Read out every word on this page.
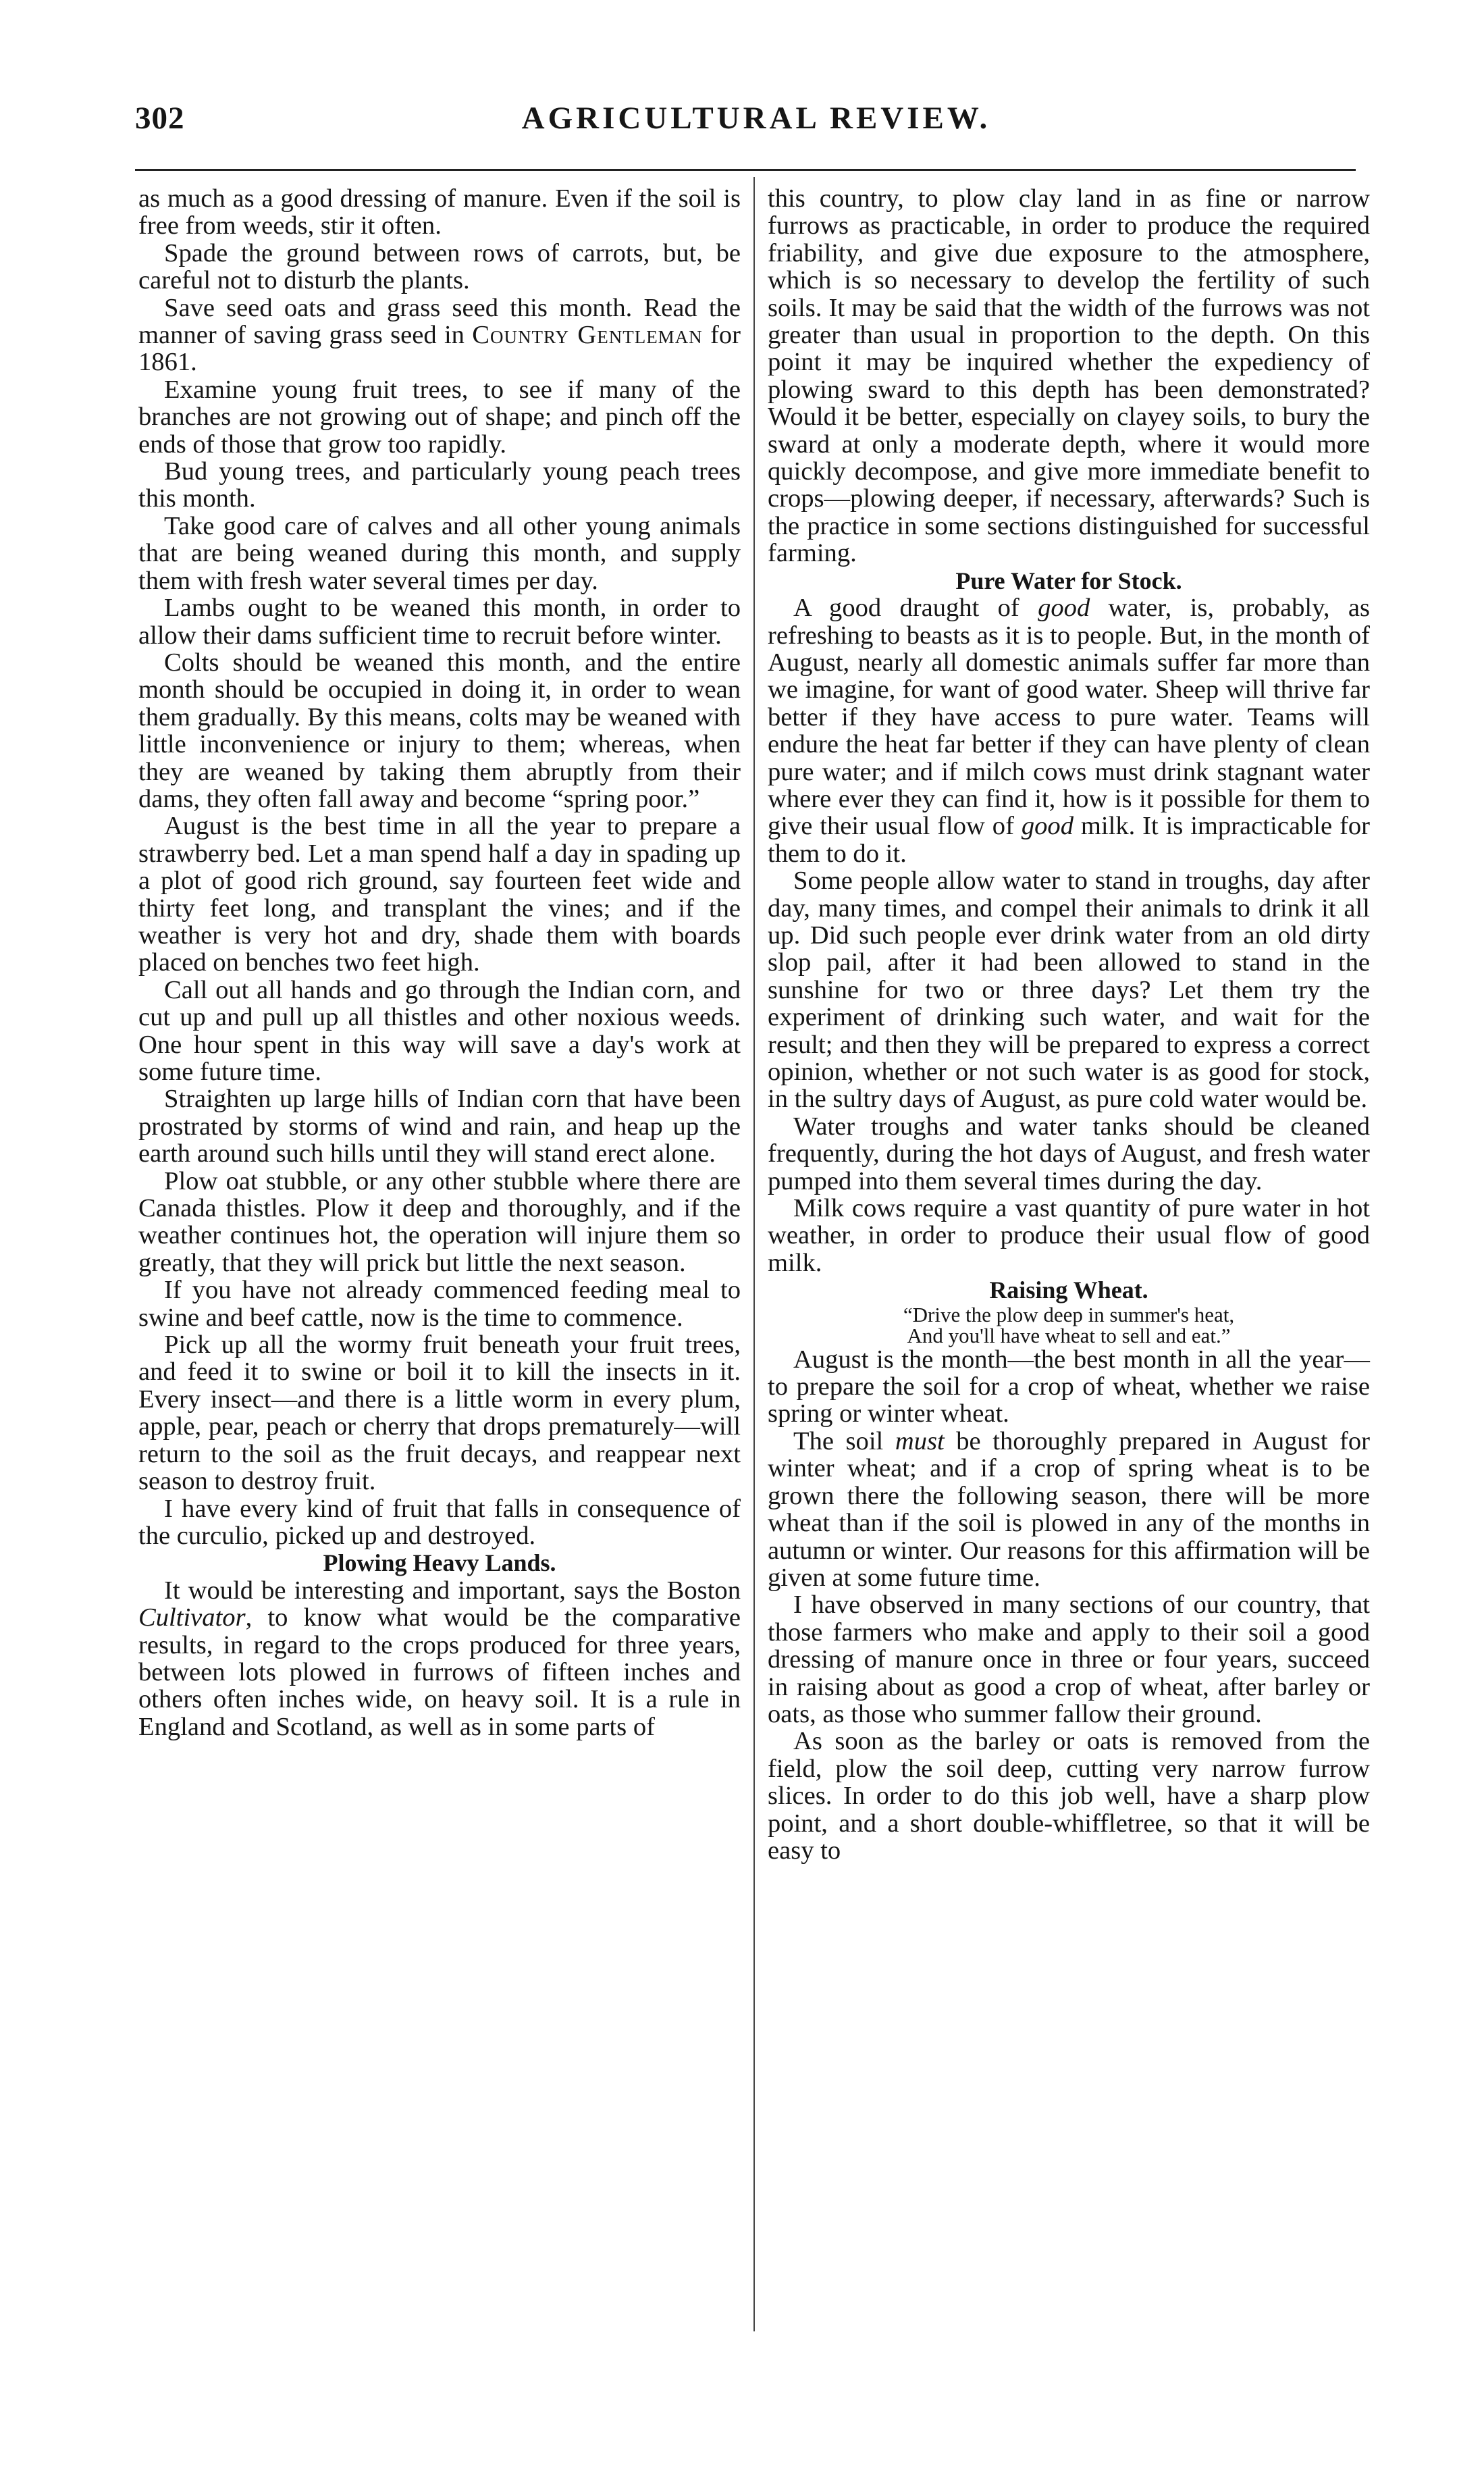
302	AGRICULTURAL REVIEW.

as much as a good dressing of manure. Even if the soil is free from weeds, stir it often.

Spade the ground between rows of carrots, but, be careful not to disturb the plants.

Save seed oats and grass seed this month. Read the manner of saving grass seed in Country Gentleman for 1861.

Examine young fruit trees, to see if many of the branches are not growing out of shape; and pinch off the ends of those that grow too rapidly.

Bud young trees, and particularly young peach trees this month.

Take good care of calves and all other young animals that are being weaned during this month, and supply them with fresh water several times per day.

Lambs ought to be weaned this month, in order to allow their dams sufficient time to recruit before winter.

Colts should be weaned this month, and the entire month should be occupied in doing it, in order to wean them gradually. By this means, colts may be weaned with little inconvenience or injury to them; whereas, when they are weaned by taking them abruptly from their dams, they often fall away and become “spring poor.”

August is the best time in all the year to prepare a strawberry bed. Let a man spend half a day in spading up a plot of good rich ground, say fourteen feet wide and thirty feet long, and transplant the vines; and if the weather is very hot and dry, shade them with boards placed on benches two feet high.

Call out all hands and go through the Indian corn, and cut up and pull up all thistles and other noxious weeds. One hour spent in this way will save a day's work at some future time.

Straighten up large hills of Indian corn that have been prostrated by storms of wind and rain, and heap up the earth around such hills until they will stand erect alone.

Plow oat stubble, or any other stubble where there are Canada thistles. Plow it deep and thoroughly, and if the weather continues hot, the operation will injure them so greatly, that they will prick but little the next season.

If you have not already commenced feeding meal to swine and beef cattle, now is the time to commence.

Pick up all the wormy fruit beneath your fruit trees, and feed it to swine or boil it to kill the insects in it. Every insect—and there is a little worm in every plum, apple, pear, peach or cherry that drops prematurely—will return to the soil as the fruit decays, and reappear next season to destroy fruit.

I have every kind of fruit that falls in consequence of the curculio, picked up and destroyed.

Plowing Heavy Lands.

It would be interesting and important, says the Boston Cultivator, to know what would be the comparative results, in regard to the crops produced for three years, between lots plowed in furrows of fifteen inches and others often inches wide, on heavy soil. It is a rule in England and Scotland, as well as in some parts of

this country, to plow clay land in as fine or narrow furrows as practicable, in order to produce the required friability, and give due exposure to the atmosphere, which is so necessary to develop the fertility of such soils. It may be said that the width of the furrows was not greater than usual in proportion to the depth. On this point it may be inquired whether the expediency of plowing sward to this depth has been demonstrated? Would it be better, especially on clayey soils, to bury the sward at only a moderate depth, where it would more quickly decompose, and give more immediate benefit to crops—plowing deeper, if necessary, afterwards? Such is the practice in some sections distinguished for successful farming.

Pure Water for Stock.

A good draught of good water, is, probably, as refreshing to beasts as it is to people. But, in the month of August, nearly all domestic animals suffer far more than we imagine, for want of good water. Sheep will thrive far better if they have access to pure water. Teams will endure the heat far better if they can have plenty of clean pure water; and if milch cows must drink stagnant water where ever they can find it, how is it possible for them to give their usual flow of good milk. It is impracticable for them to do it.

Some people allow water to stand in troughs, day after day, many times, and compel their animals to drink it all up. Did such people ever drink water from an old dirty slop pail, after it had been allowed to stand in the sunshine for two or three days? Let them try the experiment of drinking such water, and wait for the result; and then they will be prepared to express a correct opinion, whether or not such water is as good for stock, in the sultry days of August, as pure cold water would be.

Water troughs and water tanks should be cleaned frequently, during the hot days of August, and fresh water pumped into them several times during the day.

Milk cows require a vast quantity of pure water in hot weather, in order to produce their usual flow of good milk.

Raising Wheat.

“Drive the plow deep in summer's heat,

And you'll have wheat to sell and eat.”

August is the month—the best month in all the year—to prepare the soil for a crop of wheat, whether we raise spring or winter wheat.

The soil must be thoroughly prepared in August for winter wheat; and if a crop of spring wheat is to be grown there the following season, there will be more wheat than if the soil is plowed in any of the months in autumn or winter. Our reasons for this affirmation will be given at some future time.

I have observed in many sections of our country, that those farmers who make and apply to their soil a good dressing of manure once in three or four years, succeed in raising about as good a crop of wheat, after barley or oats, as those who summer fallow their ground.

As soon as the barley or oats is removed from the field, plow the soil deep, cutting very narrow furrow slices. In order to do this job well, have a sharp plow point, and a short double-whiffletree, so that it will be easy to
